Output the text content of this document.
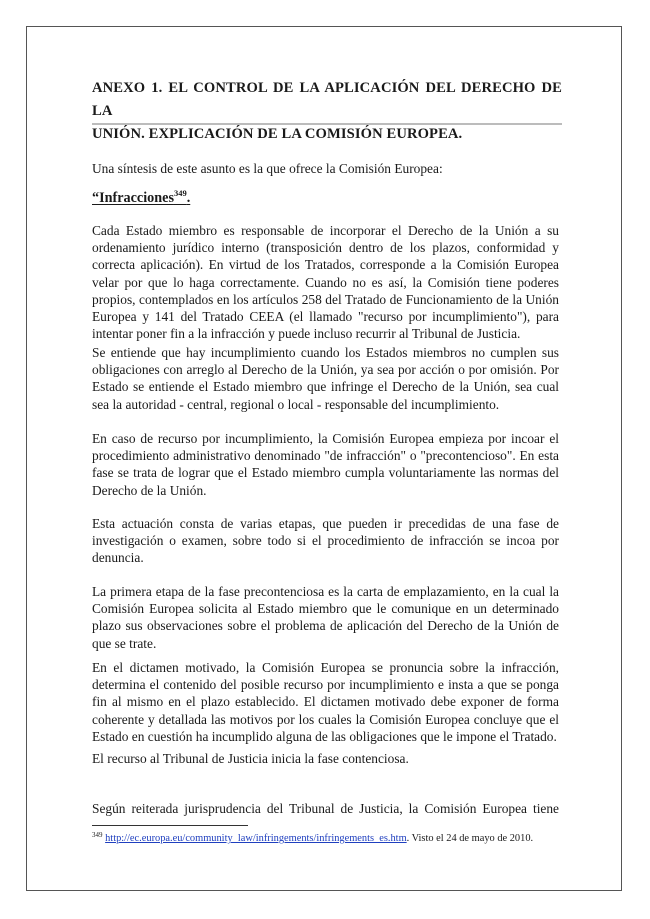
ANEXO 1. EL CONTROL DE LA APLICACIÓN DEL DERECHO DE LA
UNIÓN. EXPLICACIÓN DE LA COMISIÓN EUROPEA.

Una síntesis de este asunto es la que ofrece la Comisión Europea:

“Infracciones$^{349}$.

Cada Estado miembro es responsable de incorporar el Derecho de la Unión a su ordenamiento jurídico interno (transposición dentro de los plazos, conformidad y correcta aplicación). En virtud de los Tratados, corresponde a la Comisión Europea velar por que lo haga correctamente. Cuando no es así, la Comisión tiene poderes propios, contemplados en los artículos 258 del Tratado de Funcionamiento de la Unión Europea y 141 del Tratado CEEA (el llamado "recurso por incumplimiento"), para intentar poner fin a la infracción y puede incluso recurrir al Tribunal de Justicia.

Se entiende que hay incumplimiento cuando los Estados miembros no cumplen sus obligaciones con arreglo al Derecho de la Unión, ya sea por acción o por omisión. Por Estado se entiende el Estado miembro que infringe el Derecho de la Unión, sea cual sea la autoridad - central, regional o local - responsable del incumplimiento.

En caso de recurso por incumplimiento, la Comisión Europea empieza por incoar el procedimiento administrativo denominado "de infracción" o "precontencioso". En esta fase se trata de lograr que el Estado miembro cumpla voluntariamente las normas del Derecho de la Unión.

Esta actuación consta de varias etapas, que pueden ir precedidas de una fase de investigación o examen, sobre todo si el procedimiento de infracción se incoa por denuncia.

La primera etapa de la fase precontenciosa es la carta de emplazamiento, en la cual la Comisión Europea solicita al Estado miembro que le comunique en un determinado plazo sus observaciones sobre el problema de aplicación del Derecho de la Unión de que se trate.

En el dictamen motivado, la Comisión Europea se pronuncia sobre la infracción, determina el contenido del posible recurso por incumplimiento e insta a que se ponga fin al mismo en el plazo establecido. El dictamen motivado debe exponer de forma coherente y detallada las motivos por los cuales la Comisión Europea concluye que el Estado en cuestión ha incumplido alguna de las obligaciones que le impone el Tratado.

El recurso al Tribunal de Justicia inicia la fase contenciosa.

Según reiterada jurisprudencia del Tribunal de Justicia, la Comisión Europea tiene

$^{349}$ http://ec.europa.eu/community_law/infringements/infringements_es.htm. Visto el 24 de mayo de 2010.
